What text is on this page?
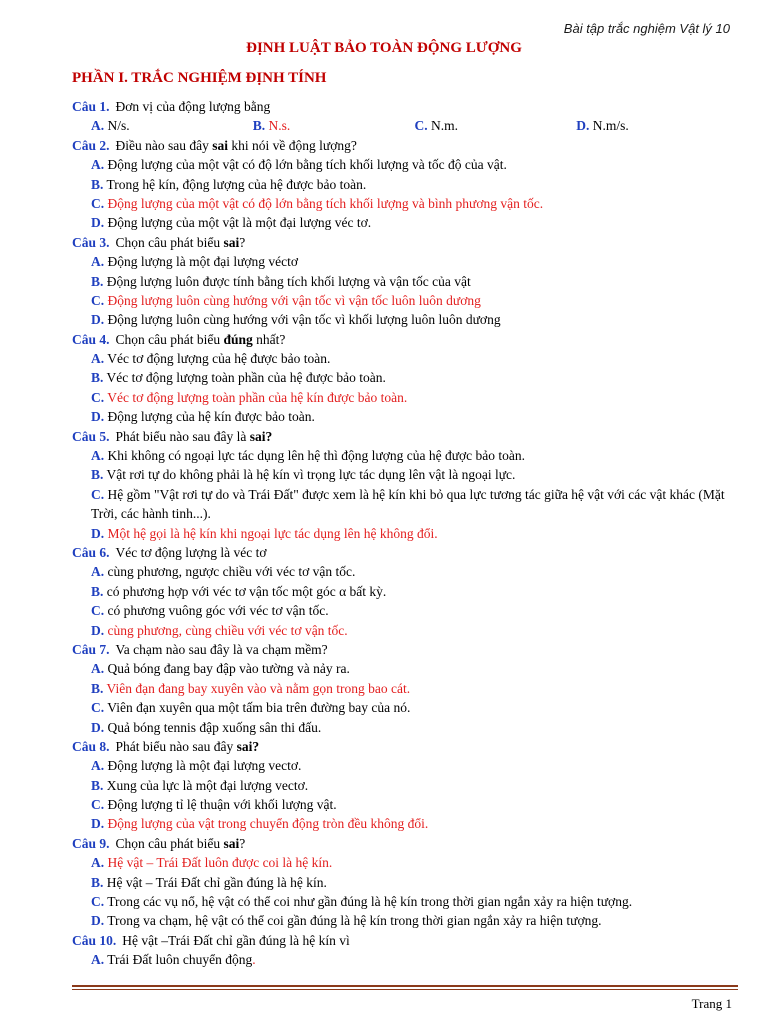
Bài tập trắc nghiệm Vật lý 10
ĐỊNH LUẬT BẢO TOÀN ĐỘNG LƯỢNG
PHẦN I. TRẮC NGHIỆM ĐỊNH TÍNH
Câu 1. Đơn vị của động lượng bằng
A. N/s.	B. N.s.	C. N.m.	D. N.m/s.
Câu 2. Điều nào sau đây sai khi nói về động lượng?
A. Động lượng của một vật có độ lớn bằng tích khối lượng và tốc độ của vật.
B. Trong hệ kín, động lượng của hệ được bảo toàn.
C. Động lượng của một vật có độ lớn bằng tích khối lượng và bình phương vận tốc.
D. Động lượng của một vật là một đại lượng véc tơ.
Câu 3. Chọn câu phát biểu sai?
A. Động lượng là một đại lượng véctơ
B. Động lượng luôn được tính bằng tích khối lượng và vận tốc của vật
C. Động lượng luôn cùng hướng với vận tốc vì vận tốc luôn luôn dương
D. Động lượng luôn cùng hướng với vận tốc vì khối lượng luôn luôn dương
Câu 4. Chọn câu phát biểu đúng nhất?
A. Véc tơ động lượng của hệ được bảo toàn.
B. Véc tơ động lượng toàn phần của hệ được bảo toàn.
C. Véc tơ động lượng toàn phần của hệ kín được bảo toàn.
D. Động lượng của hệ kín được bảo toàn.
Câu 5. Phát biểu nào sau đây là sai?
A. Khi không có ngoại lực tác dụng lên hệ thì động lượng của hệ được bảo toàn.
B. Vật rơi tự do không phải là hệ kín vì trọng lực tác dụng lên vật là ngoại lực.
C. Hệ gồm "Vật rơi tự do và Trái Đất" được xem là hệ kín khi bỏ qua lực tương tác giữa hệ vật với các vật khác (Mặt Trời, các hành tinh...).
D. Một hệ gọi là hệ kín khi ngoại lực tác dụng lên hệ không đổi.
Câu 6. Véc tơ động lượng là véc tơ
A. cùng phương, ngược chiều với véc tơ vận tốc.
B. có phương hợp với véc tơ vận tốc một góc α bất kỳ.
C. có phương vuông góc với véc tơ vận tốc.
D. cùng phương, cùng chiều với véc tơ vận tốc.
Câu 7. Va chạm nào sau đây là va chạm mềm?
A. Quả bóng đang bay đập vào tường và nảy ra.
B. Viên đạn đang bay xuyên vào và nằm gọn trong bao cát.
C. Viên đạn xuyên qua một tấm bia trên đường bay của nó.
D. Quả bóng tennis đập xuống sân thi đấu.
Câu 8. Phát biểu nào sau đây sai?
A. Động lượng là một đại lượng vectơ.
B. Xung của lực là một đại lượng vectơ.
C. Động lượng tỉ lệ thuận với khối lượng vật.
D. Động lượng của vật trong chuyển động tròn đều không đổi.
Câu 9. Chọn câu phát biểu sai?
A. Hệ vật – Trái Đất luôn được coi là hệ kín.
B. Hệ vật – Trái Đất chỉ gần đúng là hệ kín.
C. Trong các vụ nổ, hệ vật có thể coi như gần đúng là hệ kín trong thời gian ngắn xảy ra hiện tượng.
D. Trong va chạm, hệ vật có thể coi gần đúng là hệ kín trong thời gian ngắn xảy ra hiện tượng.
Câu 10. Hệ vật –Trái Đất chỉ gần đúng là hệ kín vì
A. Trái Đất luôn chuyển động.
Trang 1
